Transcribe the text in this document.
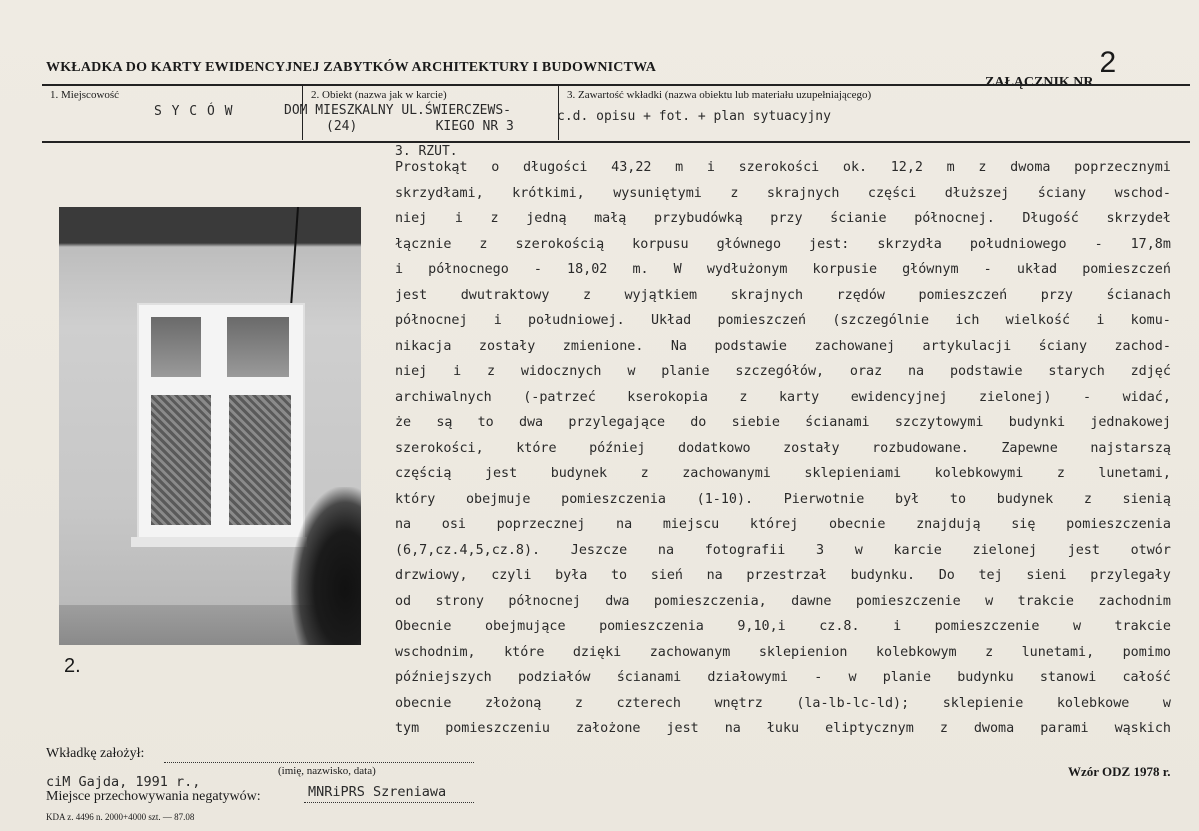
WKŁADKA DO KARTY EWIDENCYJNEJ ZABYTKÓW ARCHITEKTURY I BUDOWNICTWA
ZAŁĄCZNIK NR2
1. Miejscowość
S Y C Ó W
2. Obiekt (nazwa jak w karcie)
DOM MIESZKALNY UL.ŚWIERCZEWS-
(24)          KIEGO NR 3
3. Zawartość wkładki (nazwa obiektu lub materiału uzupełniającego)
c.d. opisu + fot. + plan sytuacyjny
2.
3. RZUT.
Prostokąt o długości 43,22 m i szerokości ok. 12,2 m z dwoma poprzecznymi
skrzydłami, krótkimi, wysuniętymi z skrajnych części dłuższej ściany wschod-
niej i z jedną małą przybudówką przy ścianie północnej. Długość skrzydeł
łącznie z szerokością korpusu głównego jest: skrzydła południowego - 17,8m
i północnego - 18,02 m. W wydłużonym korpusie głównym - układ pomieszczeń
jest	dwutraktowy	z	wyjątkiem	skrajnych	rzędów	pomieszczeń	przy	ścianach
północnej i południowej. Układ pomieszczeń (szczególnie ich wielkość i komu-
nikacja zostały zmienione. Na podstawie zachowanej artykulacji ściany zachod-
niej i z widocznych w planie szczegółów, oraz na podstawie starych zdjęć
archiwalnych (-patrzeć kserokopia z karty ewidencyjnej zielonej) - widać,
że są to dwa przylegające do siebie ścianami szczytowymi budynki jednakowej
szerokości, które później dodatkowo zostały rozbudowane. Zapewne najstarszą
częścią	jest	budynek	z	zachowanymi	sklepieniami	kolebkowymi	z	lunetami,
który obejmuje pomieszczenia (1-10). Pierwotnie był to budynek z sienią
na osi poprzecznej na miejscu której obecnie znajdują się pomieszczenia
(6,7,cz.4,5,cz.8). Jeszcze na fotografii 3 w karcie zielonej jest otwór
drzwiowy, czyli była to sień na przestrzał budynku. Do tej sieni przylegały
od strony północnej dwa pomieszczenia, dawne pomieszczenie w trakcie zachodnim
Obecnie	obejmujące	pomieszczenia	9,10,i	cz.8.	i	pomieszczenie	w	trakcie
wschodnim, które dzięki zachowanym sklepienion kolebkowym z lunetami, pomimo
późniejszych podziałów ścianami działowymi - w planie budynku stanowi całość
obecnie	złożoną	z	czterech	wnętrz	(la-lb-lc-ld);	sklepienie	kolebkowe	w
tym pomieszczeniu założone jest na łuku eliptycznym z dwoma parami wąskich
Wkładkę założył:
(imię, nazwisko, data)
ciM Gajda, 1991 r.,
Miejsce przechowywania negatywów:	MNRiPRS Szreniawa
Wzór ODZ 1978 r.
KDA z. 4496 n. 2000+4000 szt. — 87.08
